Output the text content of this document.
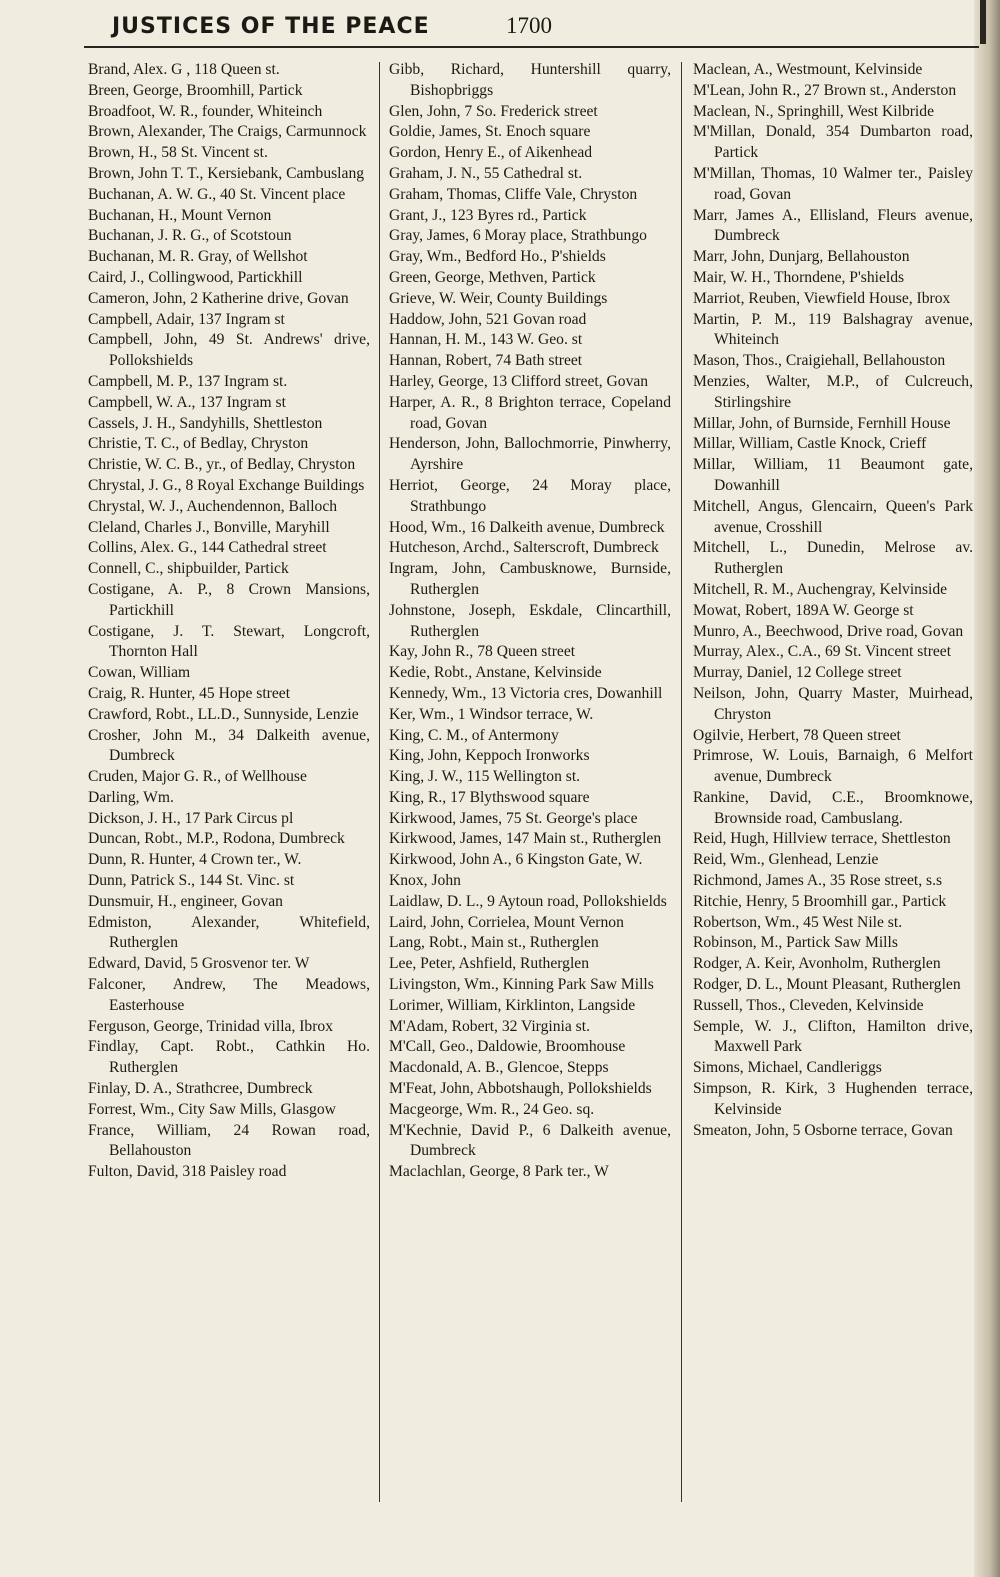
JUSTICES OF THE PEACE	1700
Brand, Alex. G , 118 Queen st.
Breen, George, Broomhill, Partick
Broadfoot, W. R., founder, Whiteinch
Brown, Alexander, The Craigs, Carmunnock
Brown, H., 58 St. Vincent st.
Brown, John T. T., Kersiebank, Cambuslang
Buchanan, A. W. G., 40 St. Vincent place
Buchanan, H., Mount Vernon
Buchanan, J. R. G., of Scotstoun
Buchanan, M. R. Gray, of Wellshot
Caird, J., Collingwood, Partickhill
Cameron, John, 2 Katherine drive, Govan
Campbell, Adair, 137 Ingram st
Campbell, John, 49 St. Andrews' drive, Pollokshields
Campbell, M. P., 137 Ingram st.
Campbell, W. A., 137 Ingram st
Cassels, J. H., Sandyhills, Shettleston
Christie, T. C., of Bedlay, Chryston
Christie, W. C. B., yr., of Bedlay, Chryston
Chrystal, J. G., 8 Royal Exchange Buildings
Chrystal, W. J., Auchendennon, Balloch
Cleland, Charles J., Bonville, Maryhill
Collins, Alex. G., 144 Cathedral street
Connell, C., shipbuilder, Partick
Costigane, A. P., 8 Crown Mansions, Partickhill
Costigane, J. T. Stewart, Longcroft, Thornton Hall
Cowan, William
Craig, R. Hunter, 45 Hope street
Crawford, Robt., LL.D., Sunnyside, Lenzie
Crosher, John M., 34 Dalkeith avenue, Dumbreck
Cruden, Major G. R., of Wellhouse
Darling, Wm.
Dickson, J. H., 17 Park Circus pl
Duncan, Robt., M.P., Rodona, Dumbreck
Dunn, R. Hunter, 4 Crown ter., W.
Dunn, Patrick S., 144 St. Vinc. st
Dunsmuir, H., engineer, Govan
Edmiston, Alexander, Whitefield, Rutherglen
Edward, David, 5 Grosvenor ter. W
Falconer, Andrew, The Meadows, Easterhouse
Ferguson, George, Trinidad villa, Ibrox
Findlay, Capt. Robt., Cathkin Ho. Rutherglen
Finlay, D. A., Strathcree, Dumbreck
Forrest, Wm., City Saw Mills, Glasgow
France, William, 24 Rowan road, Bellahouston
Fulton, David, 318 Paisley road
Gibb, Richard, Huntershill quarry, Bishopbriggs
Glen, John, 7 So. Frederick street
Goldie, James, St. Enoch square
Gordon, Henry E., of Aikenhead
Graham, J. N., 55 Cathedral st.
Graham, Thomas, Cliffe Vale, Chryston
Grant, J., 123 Byres rd., Partick
Gray, James, 6 Moray place, Strathbungo
Gray, Wm., Bedford Ho., P'shields
Green, George, Methven, Partick
Grieve, W. Weir, County Buildings
Haddow, John, 521 Govan road
Hannan, H. M., 143 W. Geo. st
Hannan, Robert, 74 Bath street
Harley, George, 13 Clifford street, Govan
Harper, A. R., 8 Brighton terrace, Copeland road, Govan
Henderson, John, Ballochmorrie, Pinwherry, Ayrshire
Herriot, George, 24 Moray place, Strathbungo
Hood, Wm., 16 Dalkeith avenue, Dumbreck
Hutcheson, Archd., Salterscroft, Dumbreck
Ingram, John, Cambusknowe, Burnside, Rutherglen
Johnstone, Joseph, Eskdale, Clincarthill, Rutherglen
Kay, John R., 78 Queen street
Kedie, Robt., Anstane, Kelvinside
Kennedy, Wm., 13 Victoria cres, Dowanhill
Ker, Wm., 1 Windsor terrace, W.
King, C. M., of Antermony
King, John, Keppoch Ironworks
King, J. W., 115 Wellington st.
King, R., 17 Blythswood square
Kirkwood, James, 75 St. George's place
Kirkwood, James, 147 Main st., Rutherglen
Kirkwood, John A., 6 Kingston Gate, W.
Knox, John
Laidlaw, D. L., 9 Aytoun road, Pollokshields
Laird, John, Corrielea, Mount Vernon
Lang, Robt., Main st., Rutherglen
Lee, Peter, Ashfield, Rutherglen
Livingston, Wm., Kinning Park Saw Mills
Lorimer, William, Kirklinton, Langside
M'Adam, Robert, 32 Virginia st.
M'Call, Geo., Daldowie, Broomhouse
Macdonald, A. B., Glencoe, Stepps
M'Feat, John, Abbotshaugh, Pollokshields
Macgeorge, Wm. R., 24 Geo. sq.
M'Kechnie, David P., 6 Dalkeith avenue, Dumbreck
Maclachlan, George, 8 Park ter., W
Maclean, A., Westmount, Kelvinside
M'Lean, John R., 27 Brown st., Anderston
Maclean, N., Springhill, West Kilbride
M'Millan, Donald, 354 Dumbarton road, Partick
M'Millan, Thomas, 10 Walmer ter., Paisley road, Govan
Marr, James A., Ellisland, Fleurs avenue, Dumbreck
Marr, John, Dunjarg, Bellahouston
Mair, W. H., Thorndene, P'shields
Marriot, Reuben, Viewfield House, Ibrox
Martin, P. M., 119 Balshagray avenue, Whiteinch
Mason, Thos., Craigiehall, Bellahouston
Menzies, Walter, M.P., of Culcreuch, Stirlingshire
Millar, John, of Burnside, Fernhill House
Millar, William, Castle Knock, Crieff
Millar, William, 11 Beaumont gate, Dowanhill
Mitchell, Angus, Glencairn, Queen's Park avenue, Crosshill
Mitchell, L., Dunedin, Melrose av. Rutherglen
Mitchell, R. M., Auchengray, Kelvinside
Mowat, Robert, 189A W. George st
Munro, A., Beechwood, Drive road, Govan
Murray, Alex., C.A., 69 St. Vincent street
Murray, Daniel, 12 College street
Neilson, John, Quarry Master, Muirhead, Chryston
Ogilvie, Herbert, 78 Queen street
Primrose, W. Louis, Barnaigh, 6 Melfort avenue, Dumbreck
Rankine, David, C.E., Broomknowe, Brownside road, Cambuslang.
Reid, Hugh, Hillview terrace, Shettleston
Reid, Wm., Glenhead, Lenzie
Richmond, James A., 35 Rose street, s.s
Ritchie, Henry, 5 Broomhill gar., Partick
Robertson, Wm., 45 West Nile st.
Robinson, M., Partick Saw Mills
Rodger, A. Keir, Avonholm, Rutherglen
Rodger, D. L., Mount Pleasant, Rutherglen
Russell, Thos., Cleveden, Kelvinside
Semple, W. J., Clifton, Hamilton drive, Maxwell Park
Simons, Michael, Candleriggs
Simpson, R. Kirk, 3 Hughenden terrace, Kelvinside
Smeaton, John, 5 Osborne terrace, Govan
